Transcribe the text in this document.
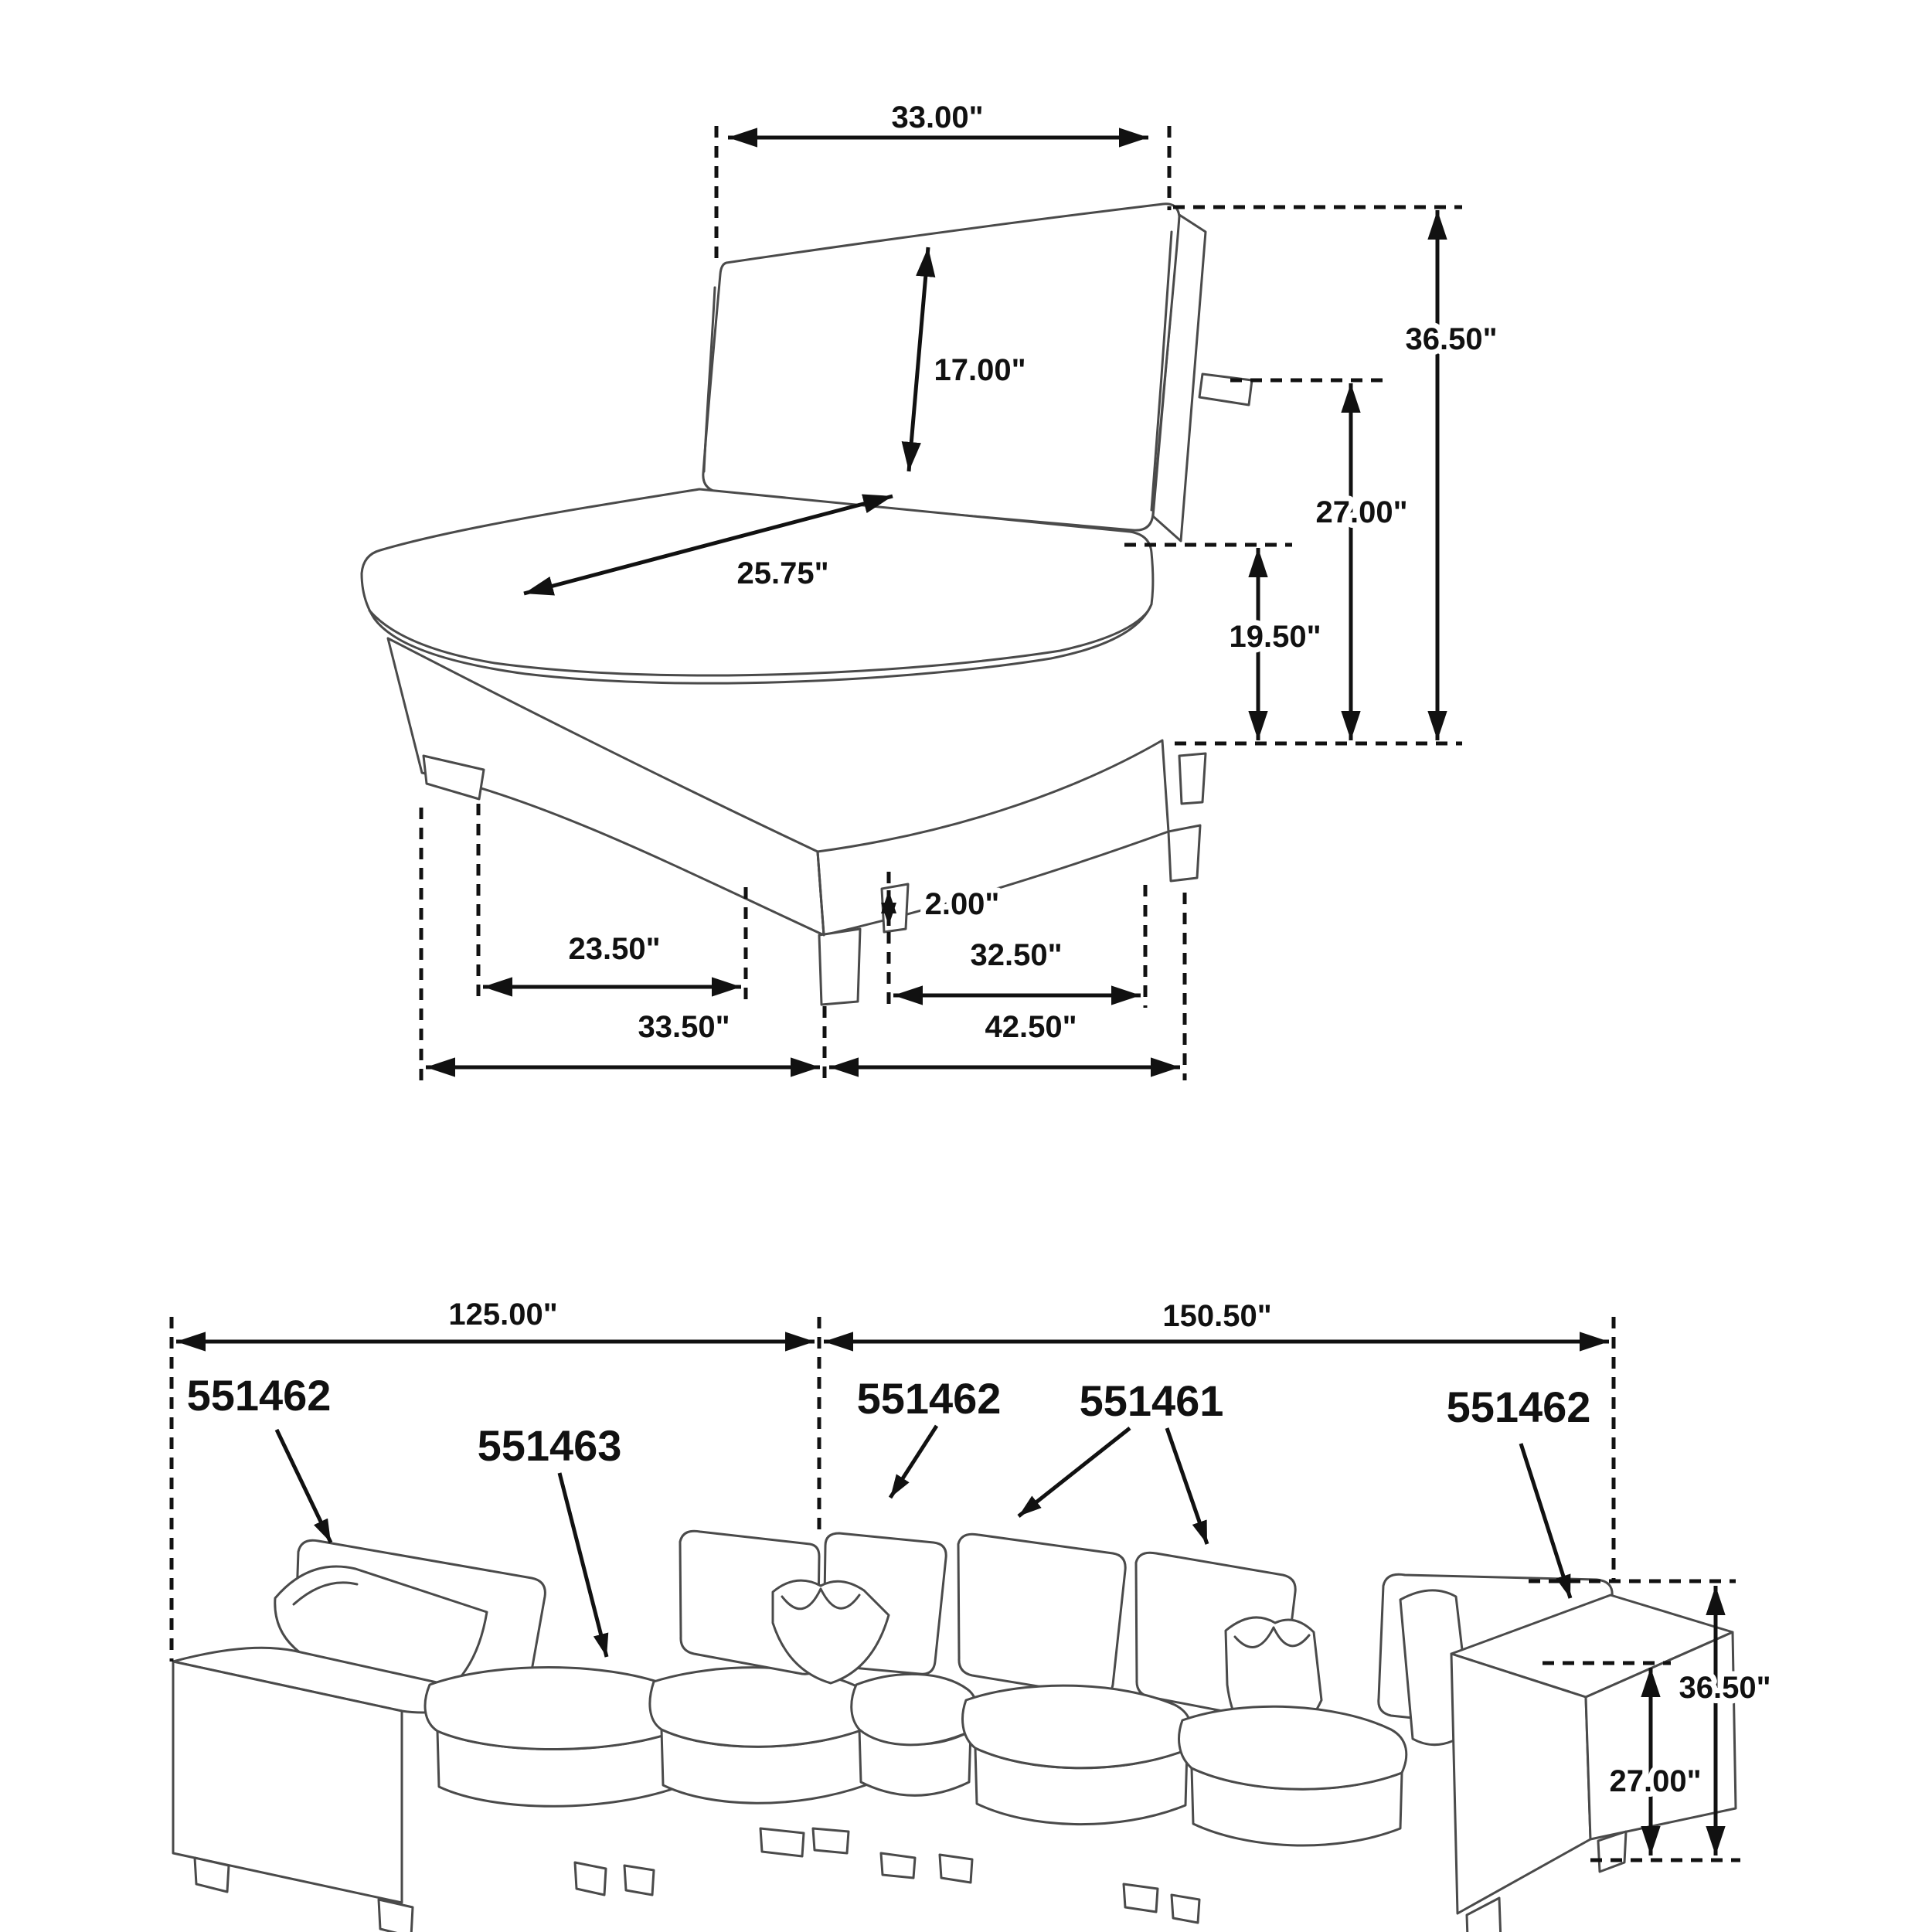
33.00"
17.00"
25.75"
36.50"
27.00"
19.50"
2.00"
23.50"	32.50"
33.50"	42.50"
125.00"	150.50"
36.50"
27.00"
551462
551463
551462 551461	551462
